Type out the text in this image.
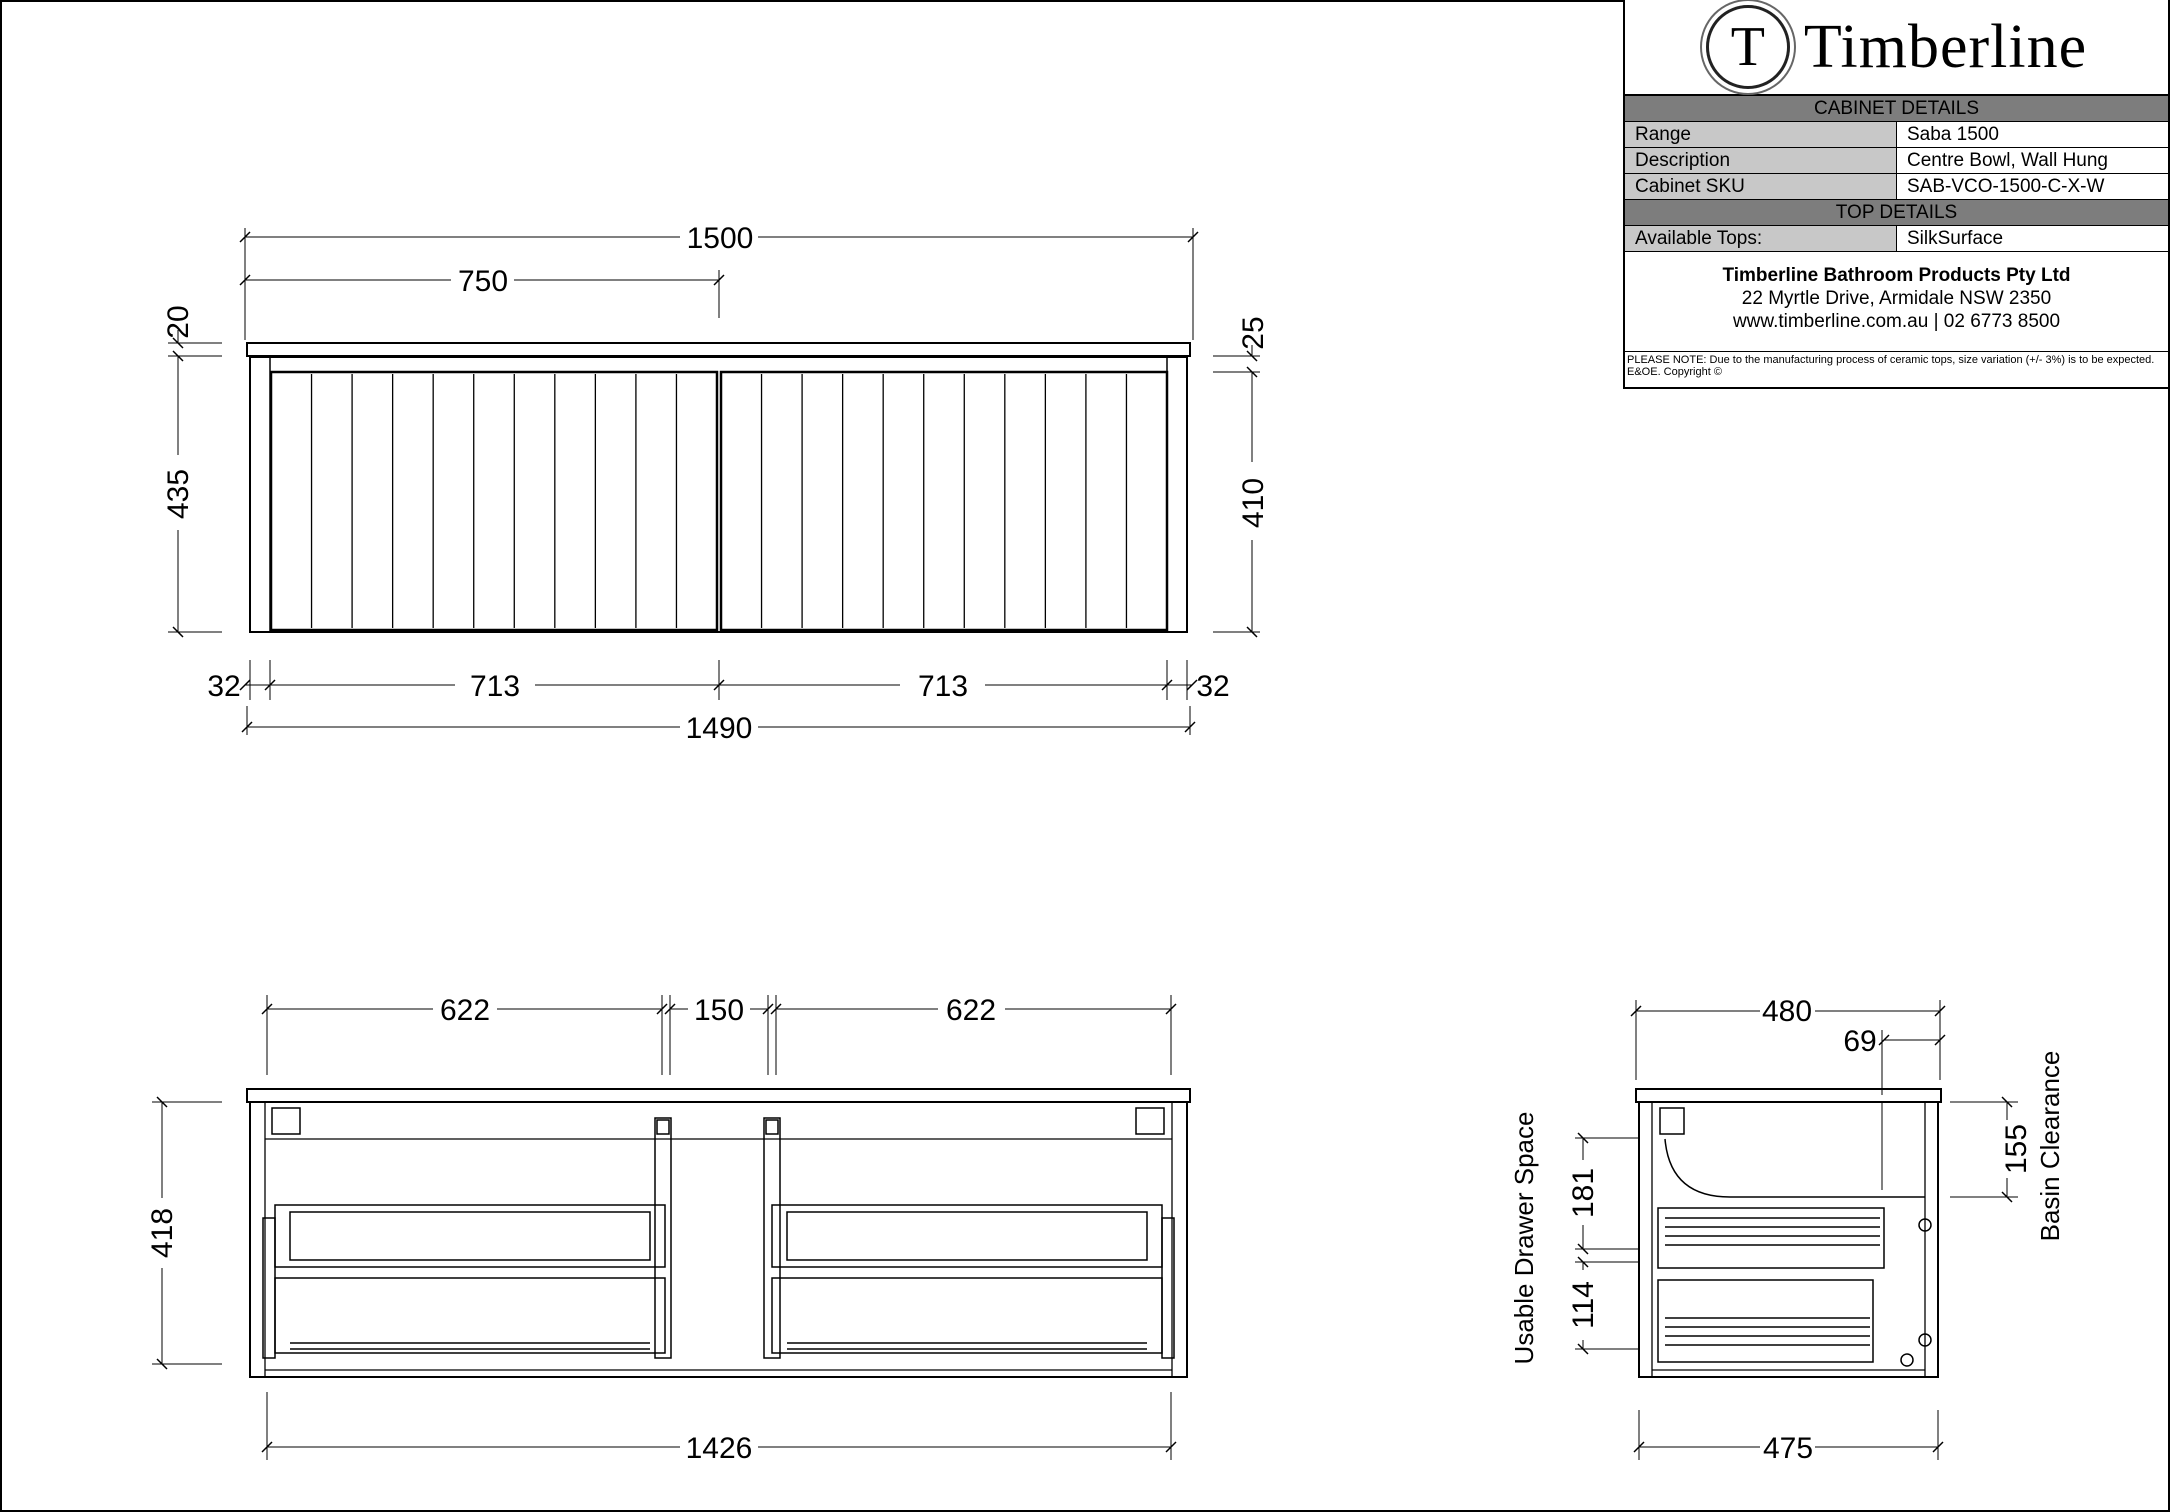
1500
750
20
435
25
410
32	713	713	32
1490
622	150	622
418
1426
480
69
155 Basin Clearance
Usable Drawer Space 181
114
475
T Timberline
CABINET DETAILS
Range	Saba 1500
Description	Centre Bowl, Wall Hung
Cabinet SKU	SAB-VCO-1500-C-X-W
TOP DETAILS
Available Tops:	SilkSurface
Timberline Bathroom Products Pty Ltd
22 Myrtle Drive, Armidale NSW 2350
www.timberline.com.au | 02 6773 8500
PLEASE NOTE: Due to the manufacturing process of ceramic tops, size variation (+/- 3%) is to be expected. E&OE. Copyright ©
